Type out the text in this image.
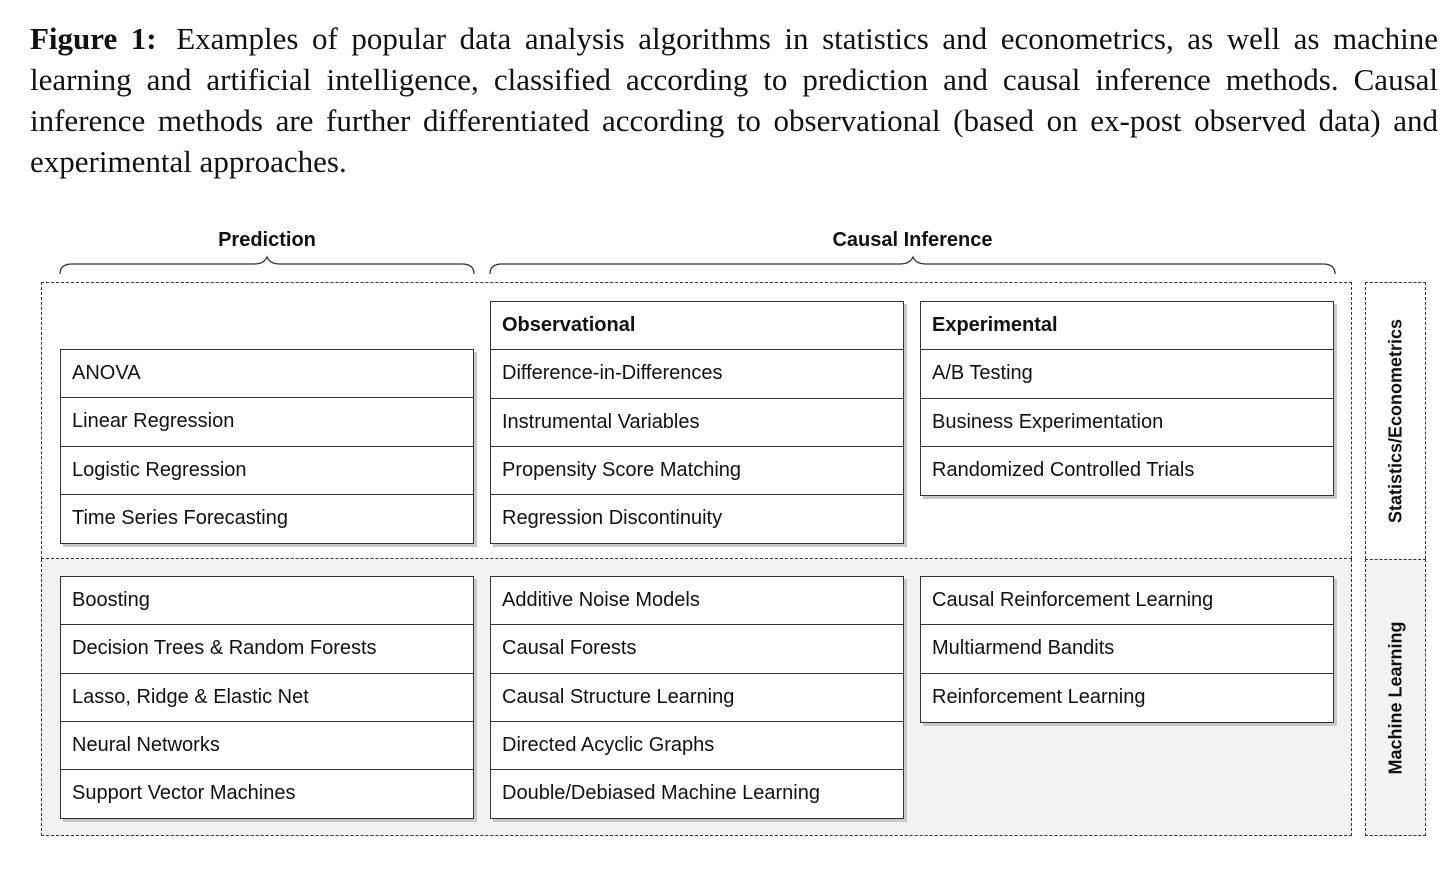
Figure 1: Examples of popular data analysis algorithms in statistics and econometrics, as well as machine learning and artificial intelligence, classified according to prediction and causal inference methods. Causal inference methods are further differentiated according to observational (based on ex-post observed data) and experimental approaches.
Prediction	Causal Inference
Statistics/Econometrics
Machine Learning
ANOVA
Linear Regression
Logistic Regression
Time Series Forecasting
Observational
Difference-in-Differences
Instrumental Variables
Propensity Score Matching
Regression Discontinuity
Experimental
A/B Testing
Business Experimentation
Randomized Controlled Trials
Boosting
Decision Trees & Random Forests
Lasso, Ridge & Elastic Net
Neural Networks
Support Vector Machines
Additive Noise Models
Causal Forests
Causal Structure Learning
Directed Acyclic Graphs
Double/Debiased Machine Learning
Causal Reinforcement Learning
Multiarmend Bandits
Reinforcement Learning
